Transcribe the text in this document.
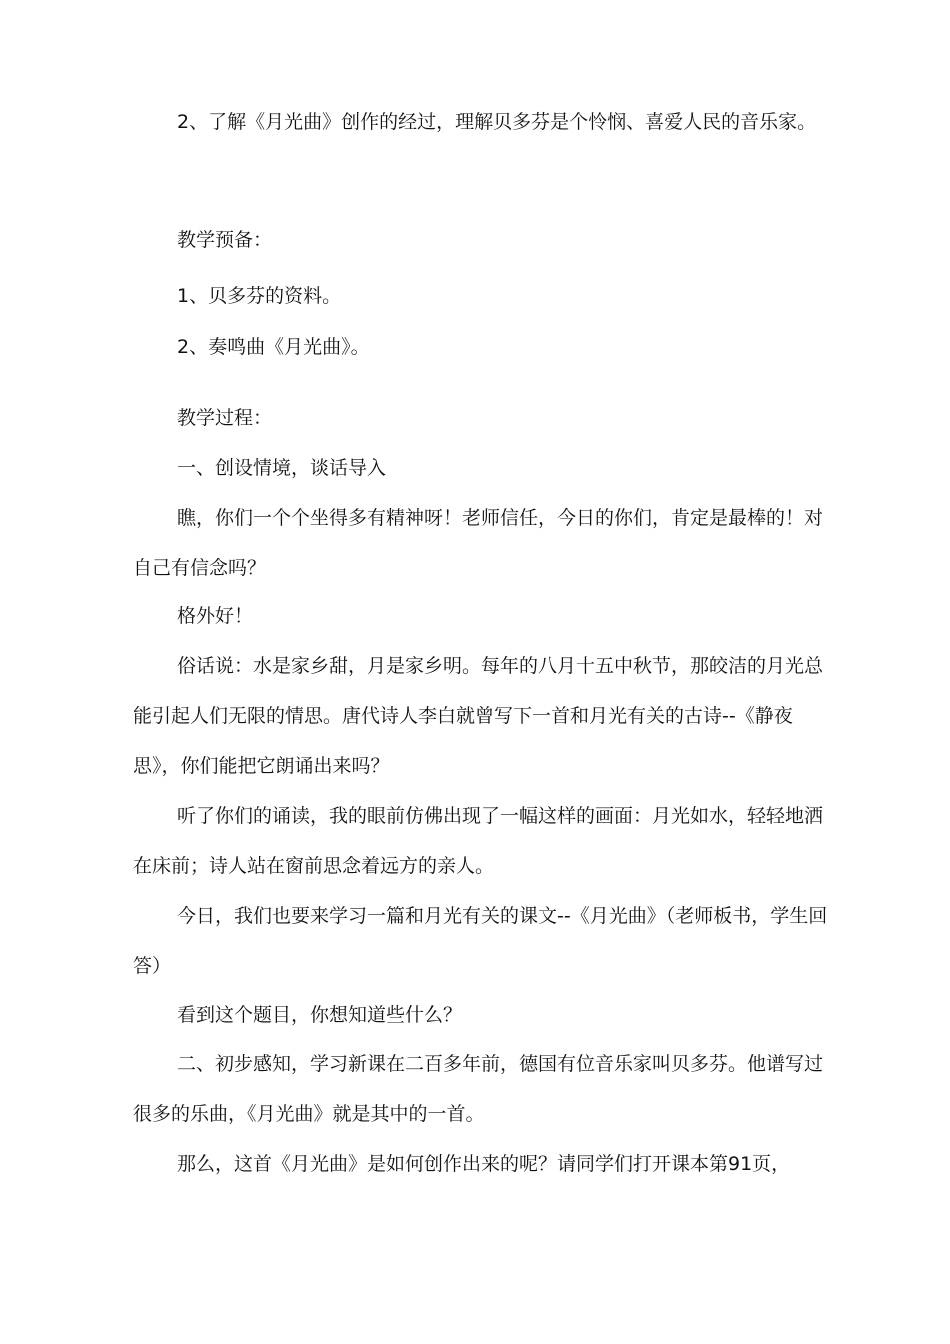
2、了解《月光曲》创作的经过，理解贝多芬是个怜悯、喜爱人民的音乐家。

教学预备：

1、贝多芬的资料。

2、奏鸣曲《月光曲》。

教学过程：

一、创设情境，谈话导入

瞧，你们一个个坐得多有精神呀！老师信任，今日的你们，肯定是最棒的！对自己有信念吗？

格外好！

俗话说：水是家乡甜，月是家乡明。每年的八月十五中秋节，那皎洁的月光总能引起人们无限的情思。唐代诗人李白就曾写下一首和月光有关的古诗--《静夜思》，你们能把它朗诵出来吗？

听了你们的诵读，我的眼前仿佛出现了一幅这样的画面：月光如水，轻轻地洒在床前；诗人站在窗前思念着远方的亲人。

今日，我们也要来学习一篇和月光有关的课文--《月光曲》（老师板书，学生回答）

看到这个题目，你想知道些什么？

二、初步感知，学习新课在二百多年前，德国有位音乐家叫贝多芬。他谱写过很多的乐曲，《月光曲》就是其中的一首。

那么，这首《月光曲》是如何创作出来的呢？请同学们打开课本第91页，
